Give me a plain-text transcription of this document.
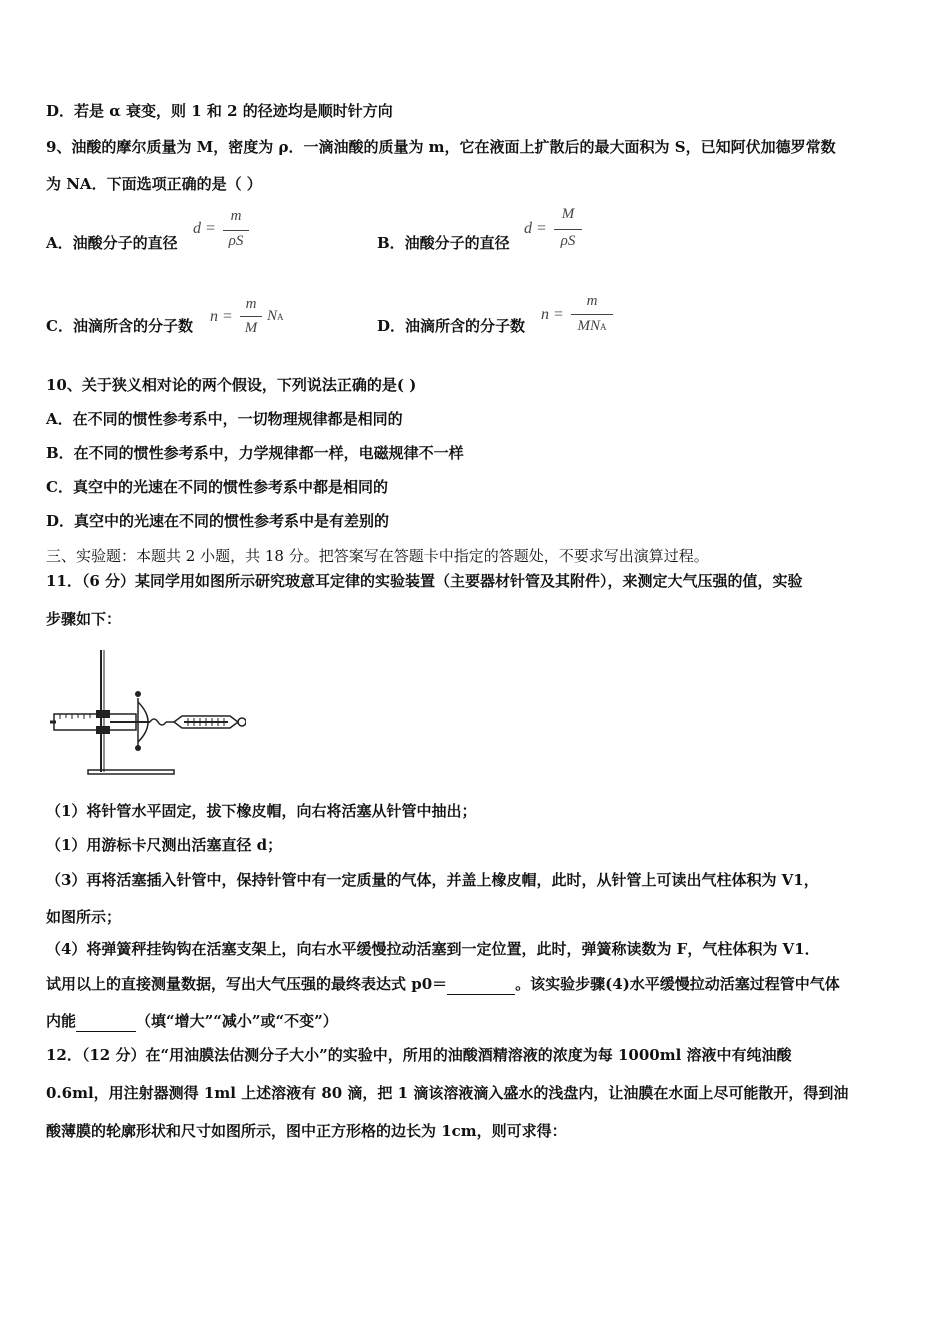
D．若是 α 衰变，则 1 和 2 的径迹均是顺时针方向
9、油酸的摩尔质量为 M，密度为 ρ．一滴油酸的质量为 m，它在液面上扩散后的最大面积为 S，已知阿伏加德罗常数
为 NA．下面选项正确的是（ ）
A．油酸分子的直径
d =
m
ρS	B．油酸分子的直径
d =
M
ρS
C．油滴所含的分子数
n =
m
M
NA	D．油滴所含的分子数
n =
m
MNA
10、关于狭义相对论的两个假设，下列说法正确的是( )
A．在不同的惯性参考系中，一切物理规律都是相同的
B．在不同的惯性参考系中，力学规律都一样，电磁规律不一样
C．真空中的光速在不同的惯性参考系中都是相同的
D．真空中的光速在不同的惯性参考系中是有差别的
三、实验题：本题共 2 小题，共 18 分。把答案写在答题卡中指定的答题处，不要求写出演算过程。
11．（6 分）某同学用如图所示研究玻意耳定律的实验装置（主要器材针管及其附件），来测定大气压强的值，实验
步骤如下：
（1）将针管水平固定，拔下橡皮帽，向右将活塞从针管中抽出；
（1）用游标卡尺测出活塞直径 d；
（3）再将活塞插入针管中，保持针管中有一定质量的气体，并盖上橡皮帽，此时，从针管上可读出气柱体积为 V1，
如图所示；
（4）将弹簧秤挂钩钩在活塞支架上，向右水平缓慢拉动活塞到一定位置，此时，弹簧称读数为 F，气柱体积为 V1．
试用以上的直接测量数据，写出大气压强的最终表达式 p0＝	。该实验步骤(4)水平缓慢拉动活塞过程管中气体
内能	（填“增大”“减小”或“不变”）
12．（12 分）在“用油膜法估测分子大小”的实验中，所用的油酸酒精溶液的浓度为每 1000ml 溶液中有纯油酸
0.6ml，用注射器测得 1ml 上述溶液有 80 滴，把 1 滴该溶液滴入盛水的浅盘内，让油膜在水面上尽可能散开，得到油
酸薄膜的轮廓形状和尺寸如图所示，图中正方形格的边长为 1cm，则可求得：
